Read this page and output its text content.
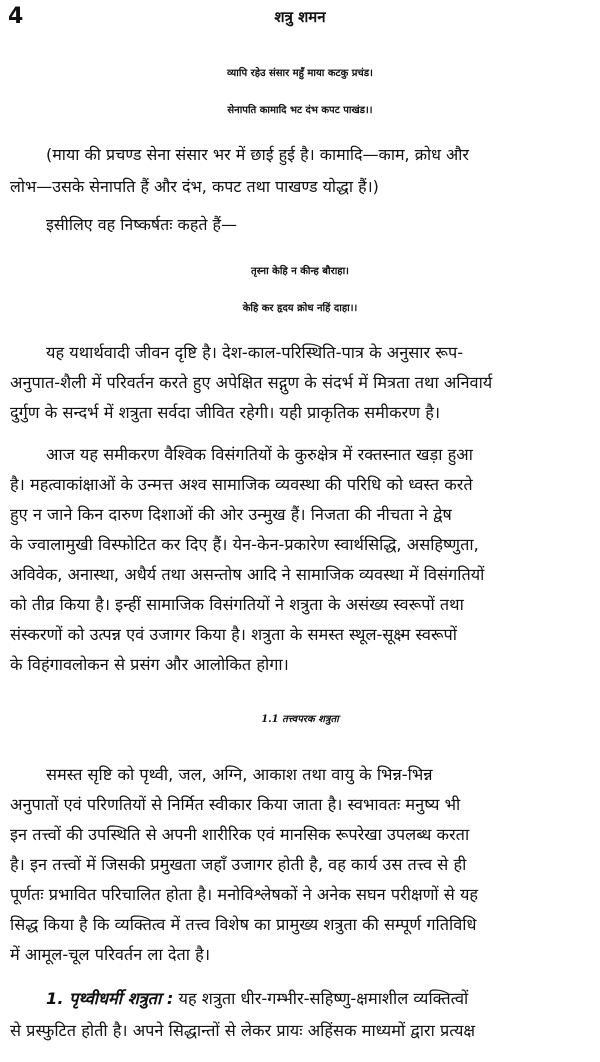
4	शत्रु शमन
व्यापि रहेउ संसार महुँ माया कटकु प्रचंड।
सेनापति कामादि भट दंभ कपट पाखंड।।
(माया की प्रचण्ड सेना संसार भर में छाई हुई है। कामादि—काम, क्रोध और
लोभ—उसके सेनापति हैं और दंभ, कपट तथा पाखण्ड योद्धा हैं।)
इसीलिए वह निष्कर्षतः कहते हैं—
तृस्ना केहि न कीन्ह बौराहा।
केहि कर हृदय क्रोध नहिं दाहा।।
यह यथार्थवादी जीवन दृष्टि है। देश-काल-परिस्थिति-पात्र के अनुसार रूप-
अनुपात-शैली में परिवर्तन करते हुए अपेक्षित सद्गुण के संदर्भ में मित्रता तथा अनिवार्य
दुर्गुण के सन्दर्भ में शत्रुता सर्वदा जीवित रहेगी। यही प्राकृतिक समीकरण है।
आज यह समीकरण वैश्विक विसंगतियों के कुरुक्षेत्र में रक्तस्नात खड़ा हुआ
है। महत्वाकांक्षाओं के उन्मत्त अश्व सामाजिक व्यवस्था की परिधि को ध्वस्त करते
हुए न जाने किन दारुण दिशाओं की ओर उन्मुख हैं। निजता की नीचता ने द्वेष
के ज्वालामुखी विस्फोटित कर दिए हैं। येन-केन-प्रकारेण स्वार्थसिद्धि, असहिष्णुता,
अविवेक, अनास्था, अधैर्य तथा असन्तोष आदि ने सामाजिक व्यवस्था में विसंगतियों
को तीव्र किया है। इन्हीं सामाजिक विसंगतियों ने शत्रुता के असंख्य स्वरूपों तथा
संस्करणों को उत्पन्न एवं उजागर किया है। शत्रुता के समस्त स्थूल-सूक्ष्म स्वरूपों
के विहंगावलोकन से प्रसंग और आलोकित होगा।
1.1 तत्त्वपरक शत्रुता
समस्त सृष्टि को पृथ्वी, जल, अग्नि, आकाश तथा वायु के भिन्न-भिन्न
अनुपातों एवं परिणतियों से निर्मित स्वीकार किया जाता है। स्वभावतः मनुष्य भी
इन तत्त्वों की उपस्थिति से अपनी शारीरिक एवं मानसिक रूपरेखा उपलब्ध करता
है। इन तत्त्वों में जिसकी प्रमुखता जहाँ उजागर होती है, वह कार्य उस तत्त्व से ही
पूर्णतः प्रभावित परिचालित होता है। मनोविश्लेषकों ने अनेक सघन परीक्षणों से यह
सिद्ध किया है कि व्यक्तित्व में तत्त्व विशेष का प्रामुख्य शत्रुता की सम्पूर्ण गतिविधि
में आमूल-चूल परिवर्तन ला देता है।
1. पृथ्वीधर्मी शत्रुता : यह शत्रुता धीर-गम्भीर-सहिष्णु-क्षमाशील व्यक्तित्वों
से प्रस्फुटित होती है। अपने सिद्धान्तों से लेकर प्रायः अहिंसक माध्यमों द्वारा प्रत्यक्ष
